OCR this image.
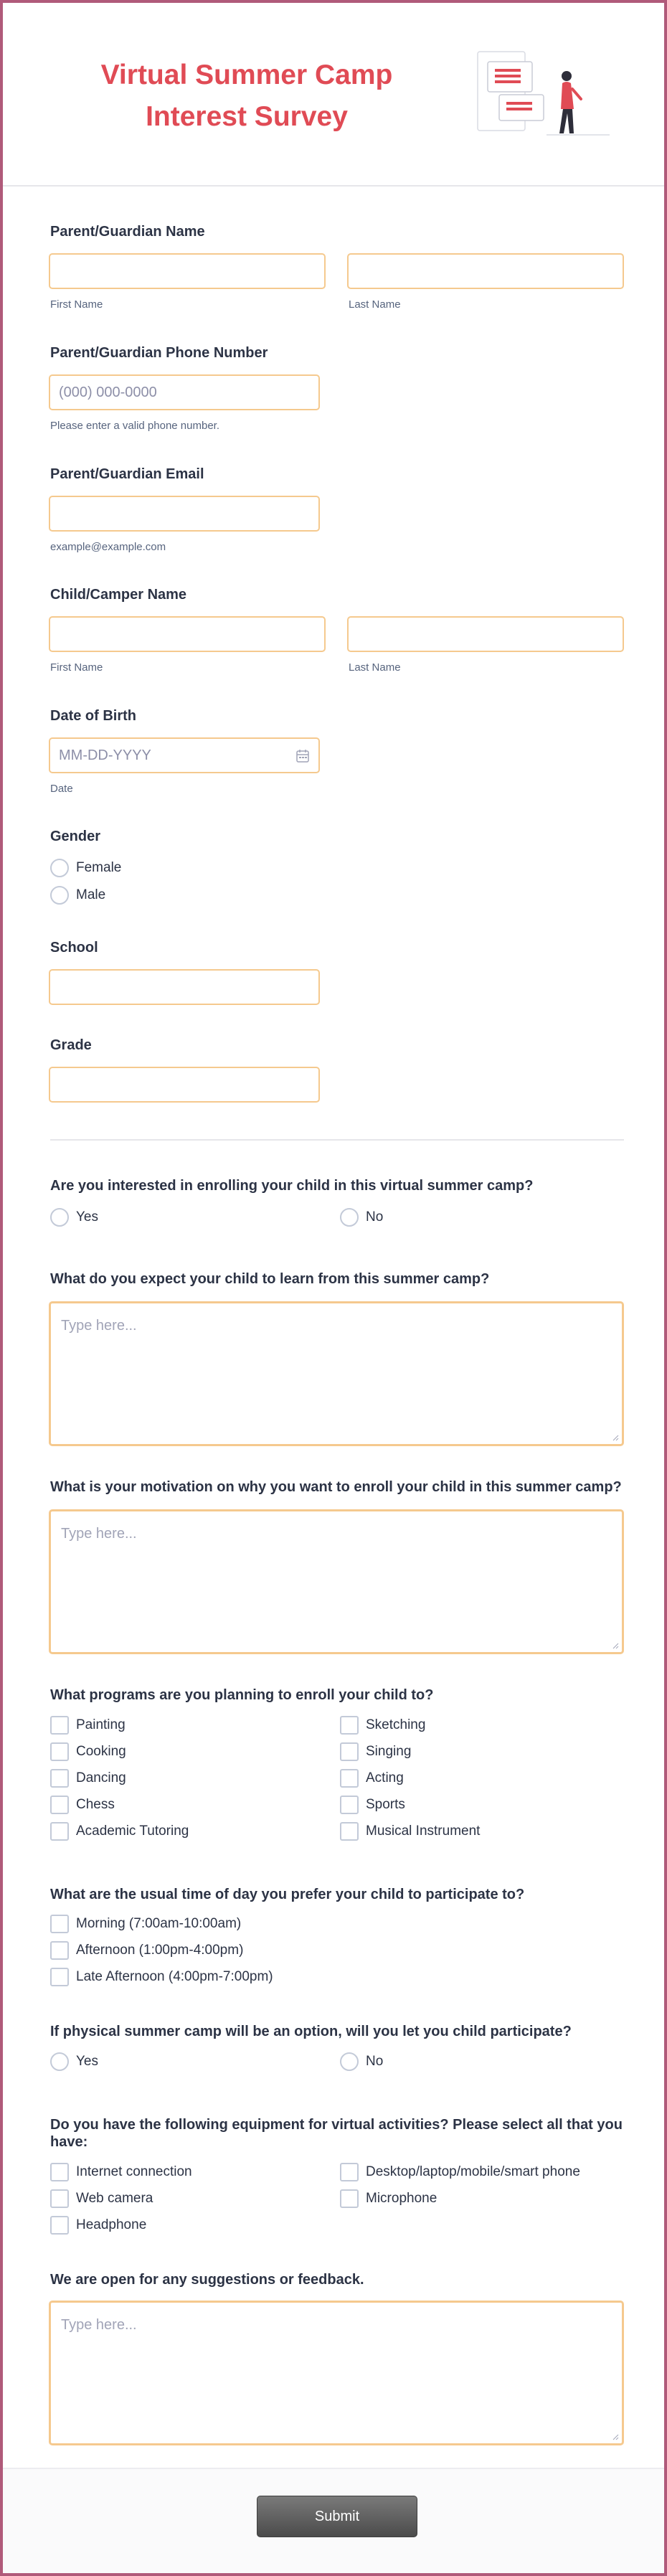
Virtual Summer Camp
Interest Survey
Parent/Guardian Name
First Name	Last Name
Parent/Guardian Phone Number
(000) 000-0000
Please enter a valid phone number.
Parent/Guardian Email
example@example.com
Child/Camper Name
First Name	Last Name
Date of Birth
MM-DD-YYYY
Date
Gender
Female
Male
School
Grade
Are you interested in enrolling your child in this virtual summer camp?
Yes	No
What do you expect your child to learn from this summer camp?
Type here...
What is your motivation on why you want to enroll your child in this summer camp?
Type here...
What programs are you planning to enroll your child to?
Painting	Sketching
Cooking	Singing
Dancing	Acting
Chess	Sports
Academic Tutoring	Musical Instrument
What are the usual time of day you prefer your child to participate to?
Morning (7:00am-10:00am)
Afternoon (1:00pm-4:00pm)
Late Afternoon (4:00pm-7:00pm)
If physical summer camp will be an option, will you let you child participate?
Yes	No
Do you have the following equipment for virtual activities? Please select all that you
have:
Internet connection	Desktop/laptop/mobile/smart phone
Web camera	Microphone
Headphone
We are open for any suggestions or feedback.
Type here...
Submit
